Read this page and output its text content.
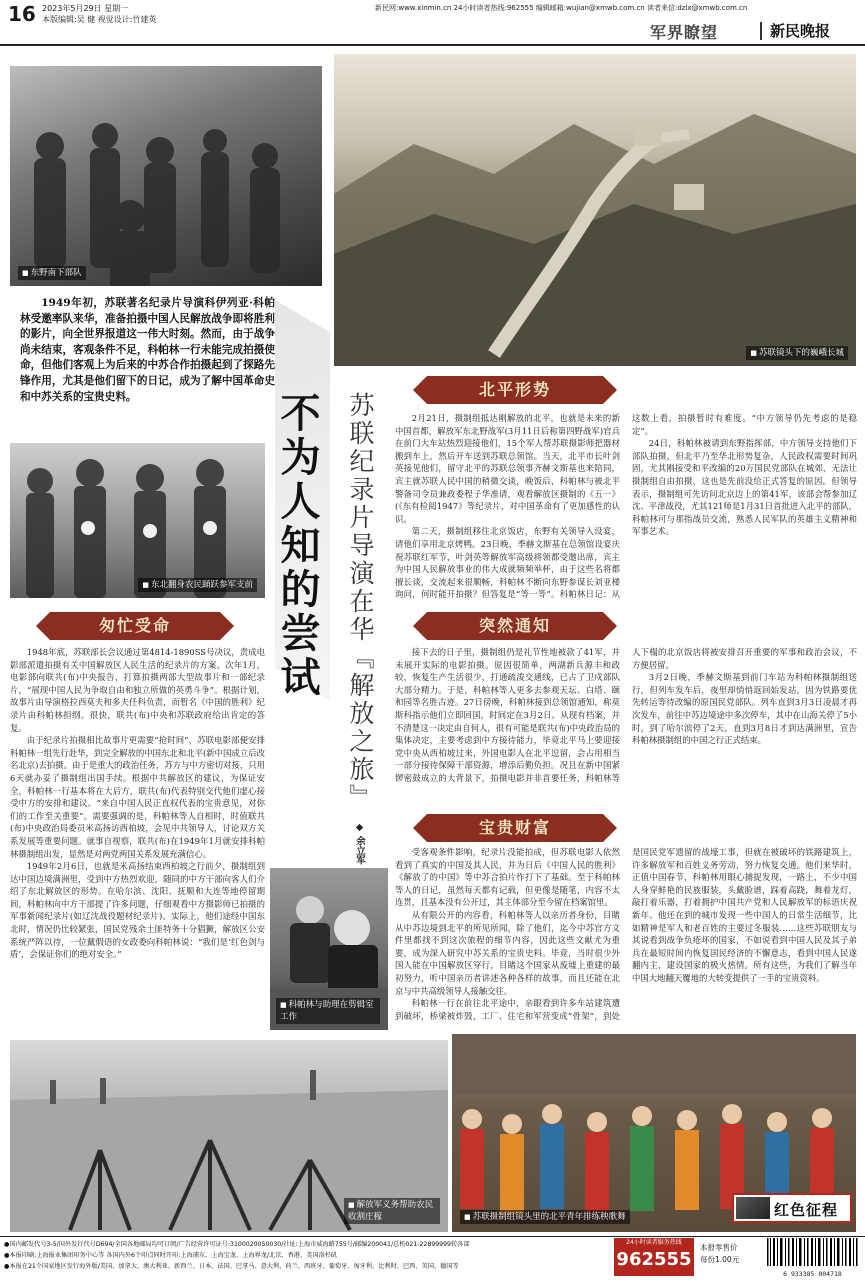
16 2023年5月29日 星期一
本版编辑:吴 健 视觉设计:竹建英
新民网:www.xinmin.cn 24小时读者热线:962555 编辑邮箱:wujian@xmwb.com.cn 读者来信:dzlx@xmwb.com.cn
军界瞭望	新民晚报
■ 东野南下部队
■ 苏联镜头下的巍峨长城
1949年初，苏联著名纪录片导演科伊列亚·科帕林受邀率队来华，准备拍摄中国人民解放战争即将胜利的影片，向全世界报道这一伟大时刻。然而，由于战争尚未结束，客观条件不足，科帕林一行未能完成拍摄使命，但他们客观上为后来的中苏合作拍摄起到了探路先锋作用，尤其是他们留下的日记，成为了解中国革命史和中苏关系的宝贵史料。	不为人知的尝试 苏联纪录片导演在华『解放之旅』
◆ 余立军
■ 东北翻身农民踊跃参军支前
匆忙受命

1948年底，苏联部长会议通过第4814-1890SS号决议，责成电影部派遣拍摄有关中国解放区人民生活的纪录片的方案。次年1月，电影部向联共(布)中央报告，打算拍摄两部大型故事片和一部纪录片，“展现中国人民为争取自由和独立所做的英勇斗争”。根据计划，故事片由导演格拉西莫夫和多夫任科负责，而暂名《中国的胜利》纪录片由科帕林担纲。很快，联共(布)中央和苏联政府给出肯定的答复。

由于纪录片拍摄相比故事片更需要“抢时间”，苏联电影部便安排科帕林一组先行赴华，到完全解放的中国东北和北平(新中国成立后改名北京)去拍摄。由于是重大的政治任务，苏方与中方密切对接，只用6天就办妥了摄制组出国手续。根据中共解放区的建议，为保证安全，科帕林一行基本将在大后方，联共(布)代表特别交代他们虚心接受中方的安排和建议。“来自中国人民正直权代表的宝贵意见，对你们的工作至关重要”。需要强调的是，科帕林等人自相时，时值联共(布)中央政治局委员米高扬访西柏坡，会见中共领导人，讨论双方关系发展等重要问题。就事自视察，联共(布)在1949年1月就安排科帕林摄制组出发，显然是对两党两国关系发展充满信心。

1949年2月6日，也就是米高扬结束西柏坡之行前夕，摄制组到达中国边境满洲里，受到中方热烈欢迎，随同的中方干部向客人们介绍了东北解放区的形势。在哈尔滨、沈阳、抚顺和大连等地停留期间，科帕林向中方干部提了许多问题，仔细观看中方摄影师已拍摄的军事新闻纪录片(如辽沈战役题材纪录片)。实际上，他们途经中国东北时，情况仍比较紧张，国民党残余土匪特务十分猖獗，解放区公安系统严阵以待，一位戴假语的女政委向科帕林说：“我们是‘红色剑与盾’，会保证你们的绝对安全。”

北平形势

2月21日，摄制组抵达刚解放的北平，也就是未来的新中国首都，解放军东北野战军(3月11日后称第四野战军)官兵在前门大车站热烈迎接他们，15个军人帮苏联摄影师把器材搬到车上，然后开车送到苏联总领馆。当天，北平市长叶剑英接见他们，留守北平的苏联总领事齐赫文斯基也来陪同，宾主就苏联人民中国的稍微交谈，晚饭后，科帕林与被北平警备司令员兼政委程子华准请，观看解放区摄制的《五一》(《东有检阅1947》等纪录片，对中国革命有了更加感性的认识。

第二天，摄制组移住北京饭店，东野有关领导入设宴，请他们享用北京烤鸭。23日晚，季赫文斯基在总领馆设宴庆祝苏联红军节，叶剑英等解放军高级将领都受邀出席，宾主为中国人民解放事业的伟大成就频频举杯，由于这些名将都擅长谈，交流起来很顺畅，科帕林不断向东野参谋长刘亚楼询问，何时能开拍摄？但答复是“等一等”。科帕林日记：从这数上看，拍摄暂时有难度。“中方领导仍先考虑的是稳定”。

24日，科帕林被请到东野指挥部，中方领导支持他们下部队拍摄，但北平乃至华北形势复杂，人民政权需要时间巩固，尤其刚接受和平改编的20万国民党部队在城郊，无法让摄制组自由拍摄，这也是先前没给正式答复的原因。但领导表示，摄制组可先访问北京边上的第41军，该部会帮参加辽沈、平津战役，尤其121师是1月31日首批进入北平的部队，科帕林可与那指战员交流，熟悉人民军队的英雄主义精神和军事艺术。

突然通知

接下去的日子里，摄制组仍是礼节性地被款了41军，并未展开实际的电影拍摄。原因很简单，两湖新兵源丰和政较，恢复生产生活很少，打通疏浚交通线，已占了卫戍部队大部分精力。于是，科帕林等人更多去参观天坛、白塔、颐和园等名胜古迹。27日傍晚，科帕林接到总领馆通知，称莫斯科指示他们立即回国，时间定在3月2日。从现有档案，并不清楚这一决定由自何人，很有可能是联共(布)中央政治局的集体决定，主要考虑到中方接待能力，毕竟北平马上要迎接党中央从西柏坡过来，外国电影人在北平逗留，会占用相当一部分接待保障干部资源，增添后勤负担。况且在新中国紧锣密鼓成立的大背景下，拍摄电影并非首要任务，科帕林等人下榻的北京饭店将被安排召开重要的军事和政治会议，不方便居留。

3月2日晚，季赫文斯基到前门车站为科帕林摄制组送行，但列车发车后，夜里却悄悄返回始发站，因为铁路要优先转运等待改编的原国民党部队。列车直到3月3日凌晨才再次发车，前往中苏边境途中多次停车，其中在山海关停了5小时，到了哈尔滨停了2天，直到3月8日才到达满洲里，宣告科帕林摄制组的中国之行正式结束。

宝贵财富
■ 科帕林与助理在剪辑室工作

受客观条件影响，纪录片没能拍成，但苏联电影人依然看到了真实的中国及其人民，并为日后《中国人民的胜利》《解放了的中国》等中苏合拍片作打下了基础。至于科帕林等人的日记，虽然每天都有记载，但更像是随笔，内容不太连贯，且基本没有公开过，其主体部分至今留在档案馆里。

从有限公开的内容看，科帕林等人以亲历者身份，目睹从中苏边境到北平的所见所闻，除了他们，迄今中苏官方文件里都找不到这次旅程的细节内容，因此这些文献尤为重要，成为深入研究中苏关系的宝贵史料。毕竟，当时很少外国人能在中国解放区穿行，目睹这个国家从废墟上重建的最初努力，听中国亲历者讲述各种各样的故事，而且还能在北京与中共高级领导人接触交往。

科帕林一行在前往北平途中，亲眼看到许多车站建筑遭到破坏，桥梁被炸毁，工厂、住宅和军营变成“骨架”，到处是国民党军遗留的战壕工事，但就在被破坏的铁路建筑上，许多解放军和百姓义务劳动，努力恢复交通。他们来华时，正值中国春节，科帕林用眼心捕捉发现，一路上，不少中国人身穿鲜艳的民族服装，头戴脸谱，踩着高跷，舞着龙灯，敲打着乐器，打着拥护中国共产党和人民解放军的标语庆祝新年。他还在到的城市发现一些中国人的日常生活细节，比如精神是军人和老百姓的主要过冬服装……这些苏联朋友与其说看到战争负疮坏的国家，不如说看到中国人民及其子弟兵在最短时间内恢复国民经济的不懈意志，看到中国人民遂翻内主，建设国家的极火热情。所有这些，为我们了解当年中国大地翻天覆地的大转变提供了一手的宝贵资料。

■ 解放军义务帮助农民收割庄稼
■	苏联摄制组镜头里的北平青年排练秧歌舞	红色征程
●国内邮发代号3-5/国外发行代号D694/全国各地邮局均可订阅/广告经营许可证号:3100020050030/社址:上海市威海路755号/邮编200041/总机021-22899999转各部
●本报印刷:上海报业集团印务中心等 各国内外6个印点同时开印:上海浦东、上海宝龙、上海界龙/北京、香港、美国洛杉矶
●本报在21个国家地区发行海外版/美国、加拿大、澳大利亚、新西兰、日本、法国、巴拿马、意大利、荷兰、西班牙、葡萄牙、匈牙利、比利时、巴西、英国、德国等
24小时读者服务热线
962555
本报零售价
每份1.00元
6 933385 004718
